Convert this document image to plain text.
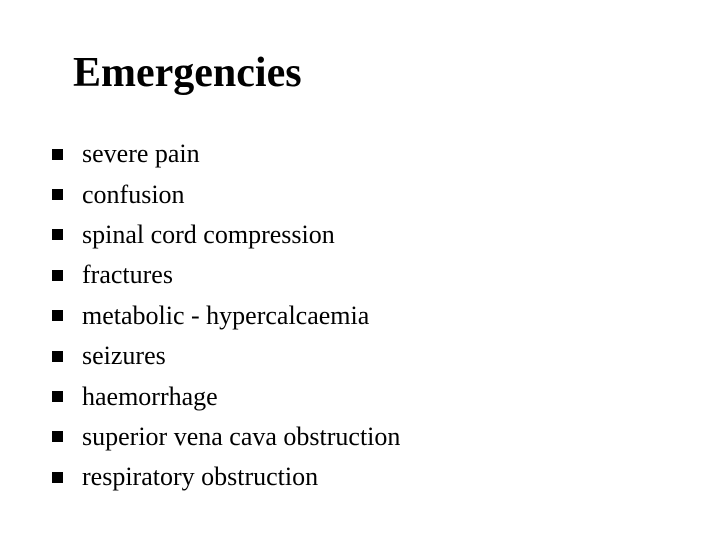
Emergencies
severe pain
confusion
spinal cord compression
fractures
metabolic - hypercalcaemia
seizures
haemorrhage
superior vena cava obstruction
respiratory obstruction
